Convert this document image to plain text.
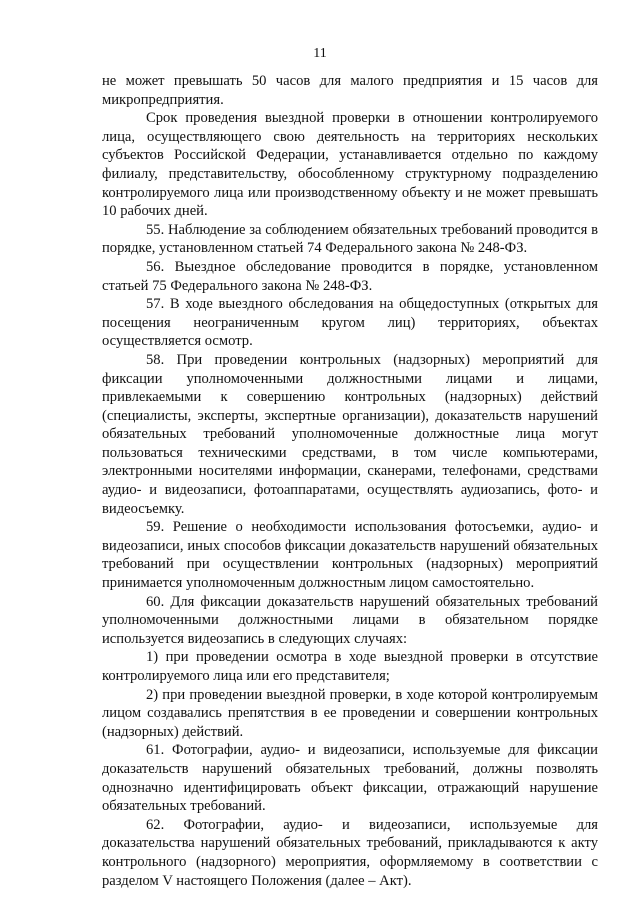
11

не может превышать 50 часов для малого предприятия и 15 часов для микропредприятия.

Срок проведения выездной проверки в отношении контролируемого лица, осуществляющего свою деятельность на территориях нескольких субъектов Российской Федерации, устанавливается отдельно по каждому филиалу, представительству, обособленному структурному подразделению контролируемого лица или производственному объекту и не может превышать 10 рабочих дней.

55. Наблюдение за соблюдением обязательных требований проводится в порядке, установленном статьей 74 Федерального закона № 248-ФЗ.

56. Выездное обследование проводится в порядке, установленном статьей 75 Федерального закона № 248-ФЗ.

57. В ходе выездного обследования на общедоступных (открытых для посещения неограниченным кругом лиц) территориях, объектах осуществляется осмотр.

58. При проведении контрольных (надзорных) мероприятий для фиксации уполномоченными должностными лицами и лицами, привлекаемыми к совершению контрольных (надзорных) действий (специалисты, эксперты, экспертные организации), доказательств нарушений обязательных требований уполномоченные должностные лица могут пользоваться техническими средствами, в том числе компьютерами, электронными носителями информации, сканерами, телефонами, средствами аудио- и видеозаписи, фотоаппаратами, осуществлять аудиозапись, фото- и видеосъемку.

59. Решение о необходимости использования фотосъемки, аудио- и видеозаписи, иных способов фиксации доказательств нарушений обязательных требований при осуществлении контрольных (надзорных) мероприятий принимается уполномоченным должностным лицом самостоятельно.

60. Для фиксации доказательств нарушений обязательных требований уполномоченными должностными лицами в обязательном порядке используется видеозапись в следующих случаях:

1) при проведении осмотра в ходе выездной проверки в отсутствие контролируемого лица или его представителя;

2) при проведении выездной проверки, в ходе которой контролируемым лицом создавались препятствия в ее проведении и совершении контрольных (надзорных) действий.

61. Фотографии, аудио- и видеозаписи, используемые для фиксации доказательств нарушений обязательных требований, должны позволять однозначно идентифицировать объект фиксации, отражающий нарушение обязательных требований.

62. Фотографии, аудио- и видеозаписи, используемые для доказательства нарушений обязательных требований, прикладываются к акту контрольного (надзорного) мероприятия, оформляемому в соответствии с разделом V настоящего Положения (далее – Акт).
